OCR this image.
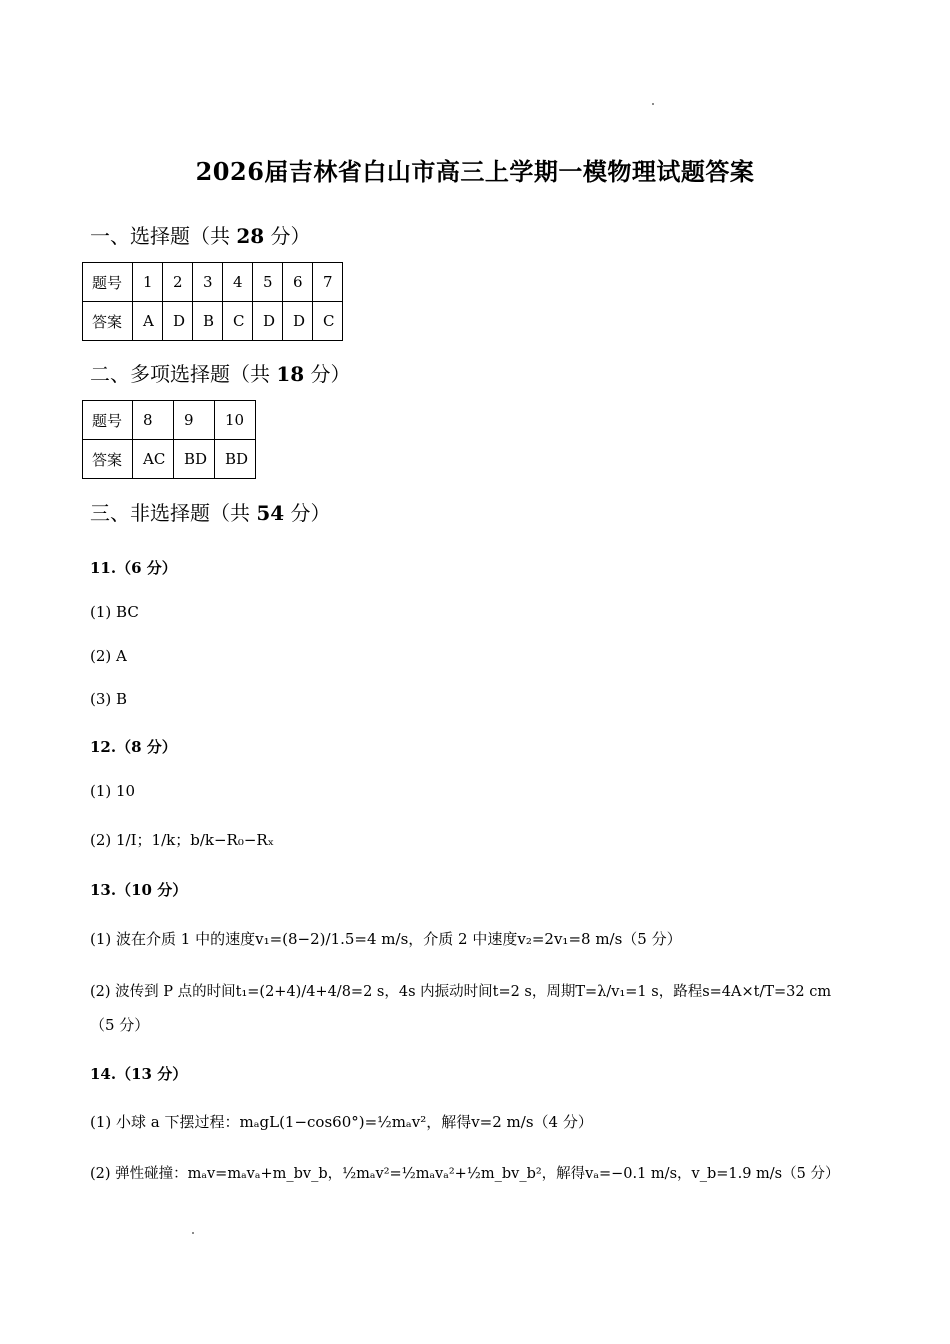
2026届吉林省白山市高三上学期一模物理试题答案
一、选择题（共 28 分）
题号	1	2	3	4	5	6	7
答案	A	D	B	C	D	D	C
二、多项选择题（共 18 分）
题号	8	9	10
答案	AC	BD	BD
三、非选择题（共 54 分）
11.（6 分）
(1) BC
(2) A
(3) B
12.（8 分）
(1) 10
(2) 1/I；1/k；b/k−R₀−Rₓ
13.（10 分）
(1) 波在介质 1 中的速度v₁=(8−2)/1.5=4 m/s，介质 2 中速度v₂=2v₁=8 m/s（5 分）
(2) 波传到 P 点的时间t₁=(2+4)/4+4/8=2 s，4s 内振动时间t=2 s，周期T=λ/v₁=1 s，路程s=4A×t/T=32 cm
（5 分）
14.（13 分）
(1) 小球 a 下摆过程：mₐgL(1−cos60°)=½mₐv²，解得v=2 m/s（4 分）
(2) 弹性碰撞：mₐv=mₐvₐ+m_bv_b，½mₐv²=½mₐvₐ²+½m_bv_b²，解得vₐ=−0.1 m/s，v_b=1.9 m/s（5 分）
